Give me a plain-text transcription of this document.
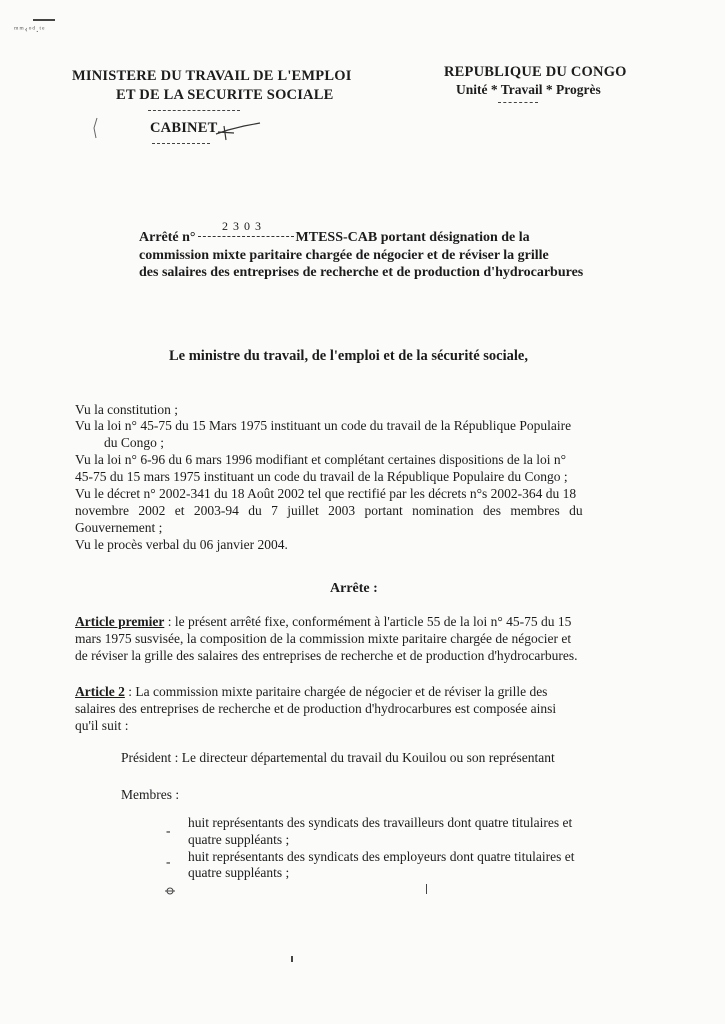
ᵐᵐ‹ᵒᵈ.ᵗᵉ
MINISTERE DU TRAVAIL DE L'EMPLOI
ET DE LA SECURITE SOCIALE
CABINET
REPUBLIQUE DU CONGO
Unité * Travail * Progrès
Arrêté n°	MTESS-CAB portant désignation de la
2 3 0 3
commission mixte paritaire chargée de négocier et de réviser la grille
des salaires des entreprises de recherche et de production d'hydrocarbures
Le ministre du travail, de l'emploi et de la sécurité sociale,
Vu la constitution ;
Vu la loi n° 45-75 du 15 Mars 1975 instituant un code du travail de la République Populaire
du Congo ;
Vu la loi n° 6-96 du 6 mars 1996 modifiant et complétant certaines dispositions de la loi n°
45-75 du 15 mars 1975 instituant un code du travail de la République Populaire du Congo ;
Vu le décret n° 2002-341 du 18 Août 2002 tel que rectifié par les décrets n°s 2002-364 du 18
novembre 2002 et 2003-94 du 7 juillet 2003 portant nomination des membres du
Gouvernement ;
Vu le procès verbal du 06 janvier 2004.
Arrête :
Article premier : le présent arrêté fixe, conformément à l'article 55 de la loi n° 45-75 du 15
mars 1975 susvisée, la composition de la commission mixte paritaire chargée de négocier et
de réviser la grille des salaires des entreprises de recherche et de production d'hydrocarbures.
Article 2 : La commission mixte paritaire chargée de négocier et de réviser la grille des
salaires des entreprises de recherche et de production d'hydrocarbures est composée ainsi
qu'il suit :
Président : Le directeur départemental du travail du Kouilou ou son représentant
Membres :
-
huit représentants des syndicats des travailleurs dont quatre titulaires et
quatre suppléants ;
- huit représentants des syndicats des employeurs dont quatre titulaires et
quatre suppléants ;
